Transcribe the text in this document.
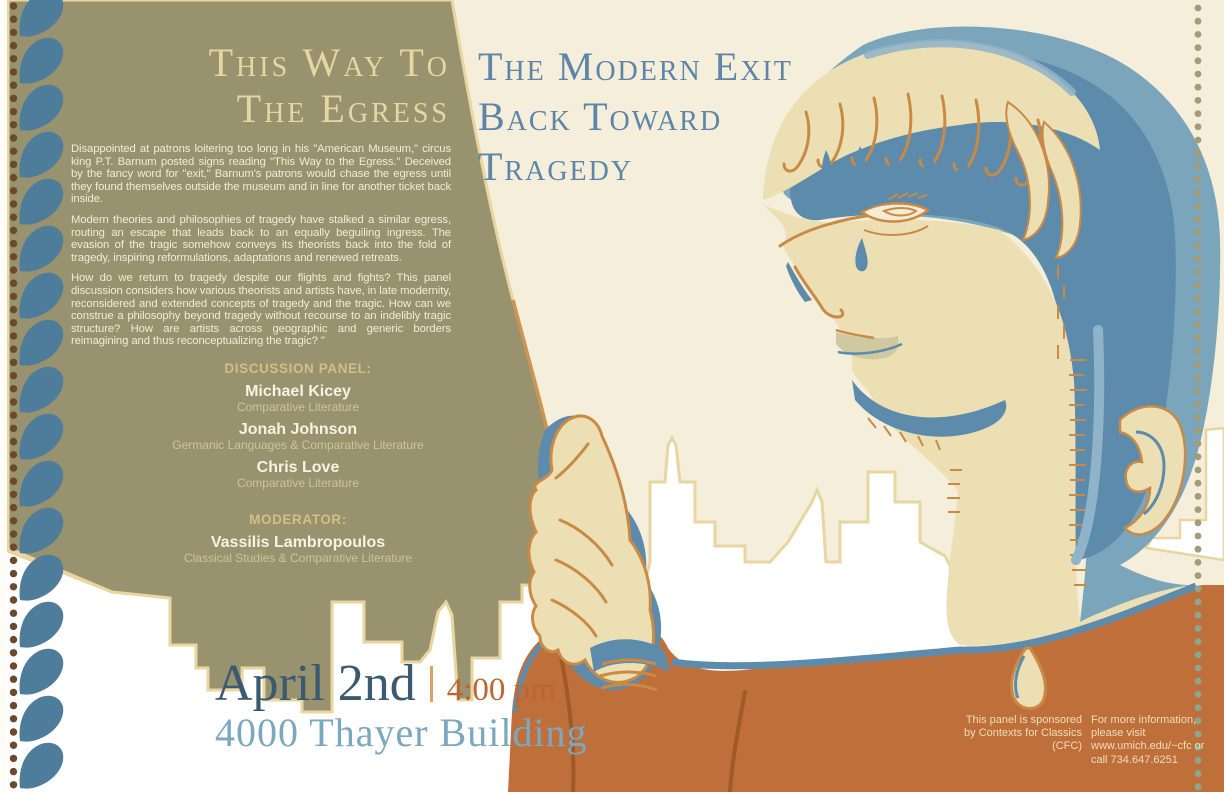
This Way To
The Egress
The Modern Exit
Back Toward
Tragedy

Disappointed at patrons loitering too long in his "American Museum," circus king P.T. Barnum posted signs reading "This Way to the Egress." Deceived by the fancy word for "exit," Barnum's patrons would chase the egress until they found themselves outside the museum and in line for another ticket back inside.

Modern theories and philosophies of tragedy have stalked a similar egress, routing an escape that leads back to an equally beguiling ingress. The evasion of the tragic somehow conveys its theorists back into the fold of tragedy, inspiring reformulations, adaptations and renewed retreats.

How do we return to tragedy despite our flights and fights? This panel discussion considers how various theorists and artists have, in late modernity, reconsidered and extended concepts of tragedy and the tragic. How can we construe a philosophy beyond tragedy without recourse to an indelibly tragic structure? How are artists across geographic and generic borders reimagining and thus reconceptualizing the tragic? "

DISCUSSION PANEL:
Michael Kicey
Comparative Literature
Jonah Johnson
Germanic Languages & Comparative Literature
Chris Love
Comparative Literature
MODERATOR:
Vassilis Lambropoulos
Classical Studies & Comparative Literature
April 2nd 4:00 pm
4000 Thayer Building	This panel is sponsored
by Contexts for Classics
(CFC)
For more information,
please visit
www.umich.edu/~cfc or
call 734.647.6251
